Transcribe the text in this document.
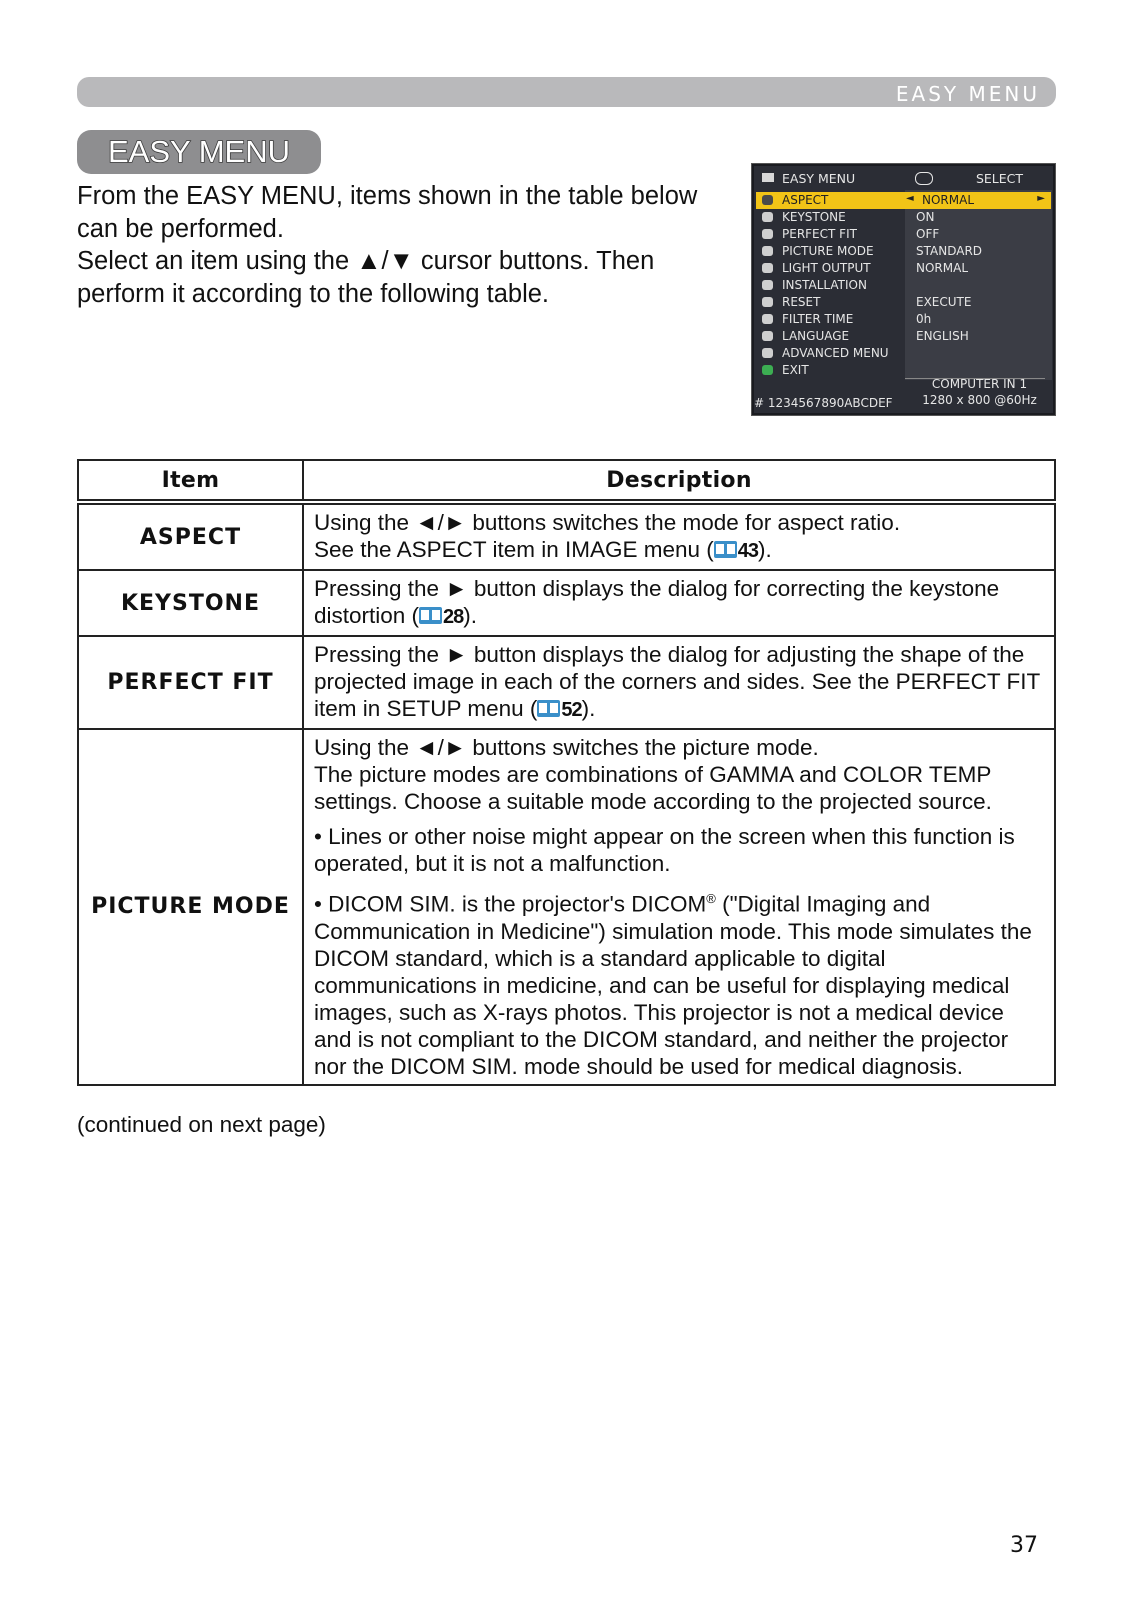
EASY MENU
EASY MENU

From the EASY MENU, items shown in the table below can be performed.

Select an item using the ▲/▼ cursor buttons. Then perform it according to the following table.

EASY MENU	SELECT
ASPECT	◄ NORMAL	►
KEYSTONE	ON
PERFECT FIT	OFF
PICTURE MODE	STANDARD
LIGHT OUTPUT	NORMAL
INSTALLATION
RESET	EXECUTE
FILTER TIME	0h
LANGUAGE	ENGLISH
ADVANCED MENU
EXIT
COMPUTER IN 1
1280 x 800 @60Hz
# 1234567890ABCDEF
Item	Description
ASPECT	Using the ◄/► buttons switches the mode for aspect ratio.

See the ASPECT item in IMAGE menu ( 43).

KEYSTONE	Pressing the ► button displays the dialog for correcting the keystone distortion ( 28).

PERFECT FIT	Pressing the ► button displays the dialog for adjusting the shape of the projected image in each of the corners and sides. See the PERFECT FIT item in SETUP menu ( 52).

PICTURE MODE	Using the ◄/► buttons switches the picture mode.

The picture modes are combinations of GAMMA and COLOR TEMP settings. Choose a suitable mode according to the projected source.

• Lines or other noise might appear on the screen when this function is operated, but it is not a malfunction.

• DICOM SIM. is the projector's DICOM® ("Digital Imaging and Communication in Medicine") simulation mode. This mode simulates the DICOM standard, which is a standard applicable to digital communications in medicine, and can be useful for displaying medical images, such as X-rays photos. This projector is not a medical device and is not compliant to the DICOM standard, and neither the projector nor the DICOM SIM. mode should be used for medical diagnosis.

(continued on next page)
37
